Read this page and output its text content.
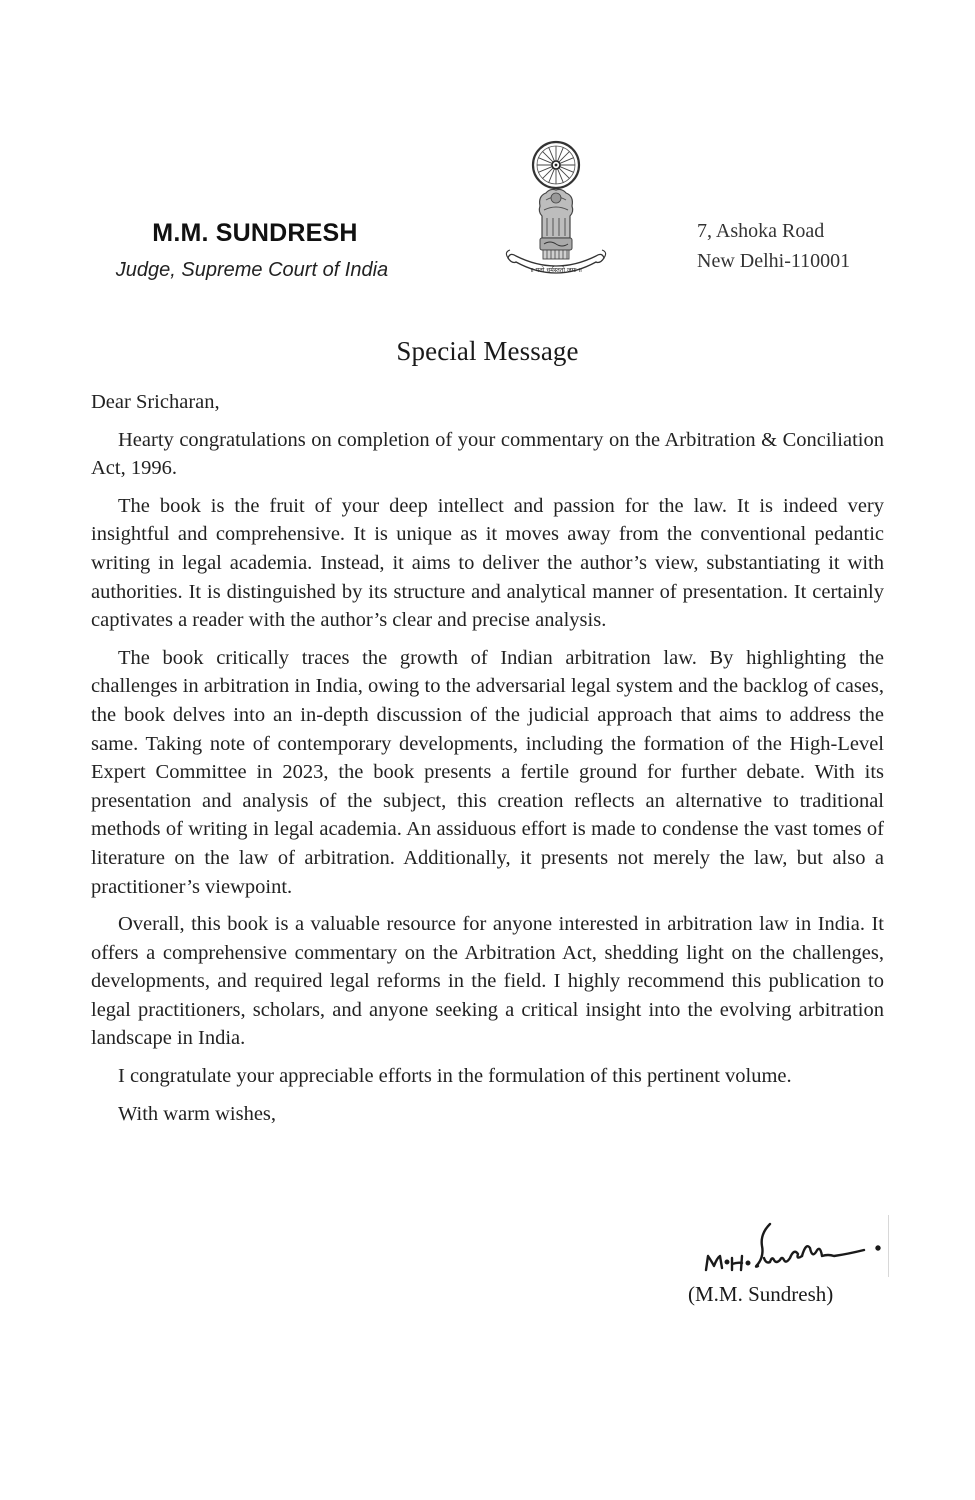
M.M. SUNDRESH
Judge, Supreme Court of India	॥ यतो धर्मस्ततो जयः ॥
7, Ashoka Road
New Delhi-110001
Special Message

Dear Sricharan,

Hearty congratulations on completion of your commentary on the Arbitration & Conciliation Act, 1996.

The book is the fruit of your deep intellect and passion for the law. It is indeed very insightful and comprehensive. It is unique as it moves away from the conventional pedantic writing in legal academia. Instead, it aims to deliver the author’s view, substantiating it with authorities. It is distinguished by its structure and analytical manner of presentation. It certainly captivates a reader with the author’s clear and precise analysis.

The book critically traces the growth of Indian arbitration law. By highlighting the challenges in arbitration in India, owing to the adversarial legal system and the backlog of cases, the book delves into an in-depth discussion of the judicial approach that aims to address the same. Taking note of contemporary developments, including the formation of the High-Level Expert Committee in 2023, the book presents a fertile ground for further debate. With its presentation and analysis of the subject, this creation reflects an alternative to traditional methods of writing in legal academia. An assiduous effort is made to condense the vast tomes of literature on the law of arbitration. Additionally, it presents not merely the law, but also a practitioner’s viewpoint.

Overall, this book is a valuable resource for anyone interested in arbitration law in India. It offers a comprehensive commentary on the Arbitration Act, shedding light on the challenges, developments, and required legal reforms in the field. I highly recommend this publication to legal practitioners, scholars, and anyone seeking a critical insight into the evolving arbitration landscape in India.

I congratulate your appreciable efforts in the formulation of this pertinent volume.

With warm wishes,

(M.M. Sundresh)
